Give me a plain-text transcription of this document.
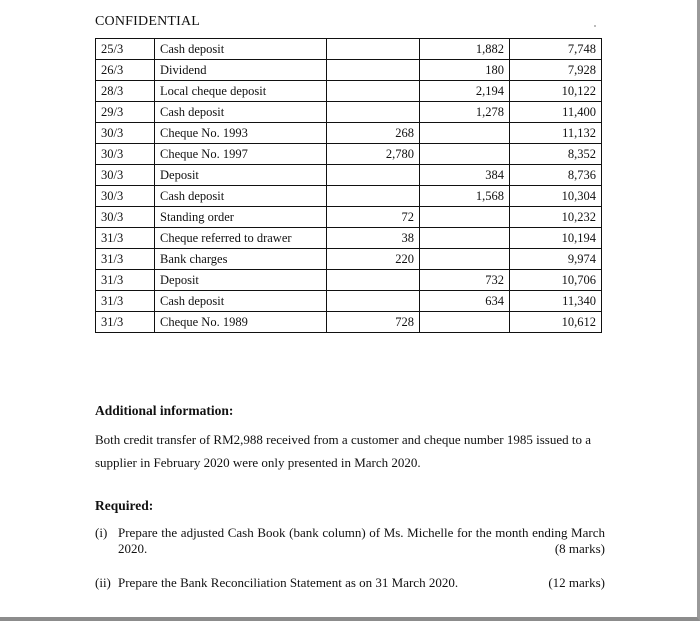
CONFIDENTIAL
25/3	Cash deposit		1,882	7,748
26/3	Dividend		180	7,928
28/3	Local cheque deposit		2,194	10,122
29/3	Cash deposit		1,278	11,400
30/3	Cheque No. 1993	268		11,132
30/3	Cheque No. 1997	2,780		8,352
30/3	Deposit		384	8,736
30/3	Cash deposit		1,568	10,304
30/3	Standing order	72		10,232
31/3	Cheque referred to drawer	38		10,194
31/3	Bank charges	220		9,974
31/3	Deposit		732	10,706
31/3	Cash deposit		634	11,340
31/3	Cheque No. 1989	728		10,612
Additional information:
Both credit transfer of RM2,988 received from a customer and cheque number 1985 issued to a supplier in February 2020 were only presented in March 2020.
Required:
(i) Prepare the adjusted Cash Book (bank column) of Ms. Michelle for the month ending March 2020.	(8 marks)
(ii) Prepare the Bank Reconciliation Statement as on 31 March 2020.	(12 marks)
